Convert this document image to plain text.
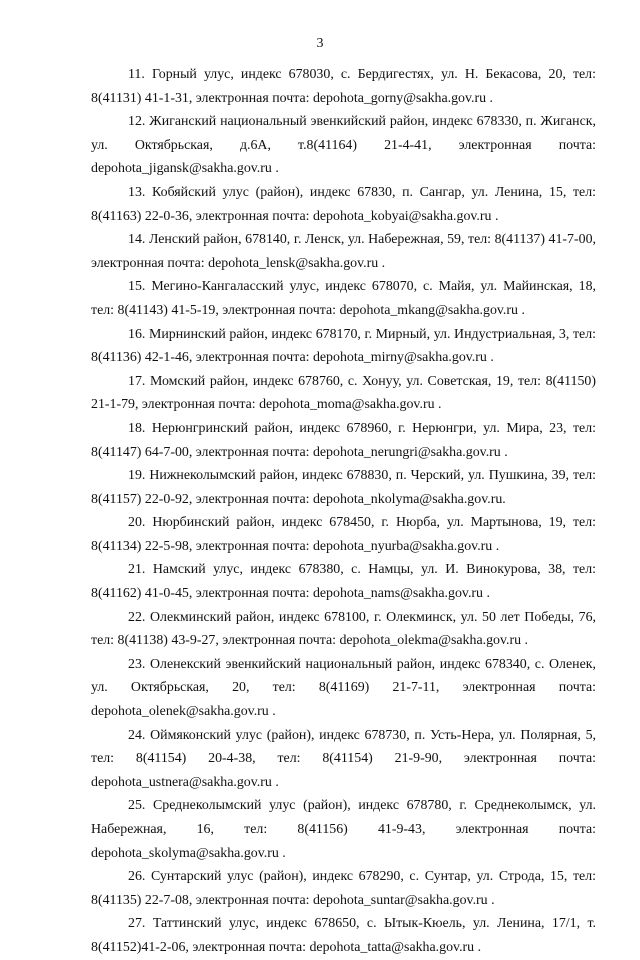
3

11. Горный улус, индекс 678030, с. Бердигестях, ул. Н. Бекасова, 20, тел: 8(41131) 41-1-31, электронная почта: depohota_gorny@sakha.gov.ru .

12. Жиганский национальный эвенкийский район, индекс 678330, п. Жиганск, ул. Октябрьская, д.6А, т.8(41164) 21-4-41, электронная почта: depohota_jigansk@sakha.gov.ru .

13. Кобяйский улус (район), индекс 67830, п. Сангар, ул. Ленина, 15, тел: 8(41163) 22-0-36, электронная почта: depohota_kobyai@sakha.gov.ru .

14. Ленский район, 678140, г. Ленск, ул. Набережная, 59, тел: 8(41137) 41-7-00, электронная почта: depohota_lensk@sakha.gov.ru .

15. Мегино-Кангаласский улус, индекс 678070, с. Майя, ул. Майинская, 18, тел: 8(41143) 41-5-19, электронная почта: depohota_mkang@sakha.gov.ru .

16. Мирнинский район, индекс 678170, г. Мирный, ул. Индустриальная, 3, тел: 8(41136) 42-1-46, электронная почта: depohota_mirny@sakha.gov.ru .

17. Момский район, индекс 678760, с. Хонуу, ул. Советская, 19, тел: 8(41150) 21-1-79, электронная почта: depohota_moma@sakha.gov.ru .

18. Нерюнгринский район, индекс 678960, г. Нерюнгри, ул. Мира, 23, тел: 8(41147) 64-7-00, электронная почта: depohota_nerungri@sakha.gov.ru .

19. Нижнеколымский район, индекс 678830, п. Черский, ул. Пушкина, 39, тел: 8(41157) 22-0-92, электронная почта: depohota_nkolyma@sakha.gov.ru.

20. Нюрбинский район, индекс 678450, г. Нюрба, ул. Мартынова, 19, тел: 8(41134) 22-5-98, электронная почта: depohota_nyurba@sakha.gov.ru .

21. Намский улус, индекс 678380, с. Намцы, ул. И. Винокурова, 38, тел: 8(41162) 41-0-45, электронная почта: depohota_nams@sakha.gov.ru .

22. Олекминский район, индекс 678100, г. Олекминск, ул. 50 лет Победы, 76, тел: 8(41138) 43-9-27, электронная почта: depohota_olekma@sakha.gov.ru .

23. Оленекский эвенкийский национальный район, индекс 678340, с. Оленек, ул. Октябрьская, 20, тел: 8(41169) 21-7-11, электронная почта: depohota_olenek@sakha.gov.ru .

24. Оймяконский улус (район), индекс 678730, п. Усть-Нера, ул. Полярная, 5, тел: 8(41154) 20-4-38, тел: 8(41154) 21-9-90, электронная почта: depohota_ustnera@sakha.gov.ru .

25. Среднеколымский улус (район), индекс 678780, г. Среднеколымск, ул. Набережная, 16, тел: 8(41156) 41-9-43, электронная почта: depohota_skolyma@sakha.gov.ru .

26. Сунтарский улус (район), индекс 678290, с. Сунтар, ул. Строда, 15, тел: 8(41135) 22-7-08, электронная почта: depohota_suntar@sakha.gov.ru .

27. Таттинский улус, индекс 678650, с. Ытык-Кюель, ул. Ленина, 17/1, т. 8(41152)41-2-06, электронная почта: depohota_tatta@sakha.gov.ru .
